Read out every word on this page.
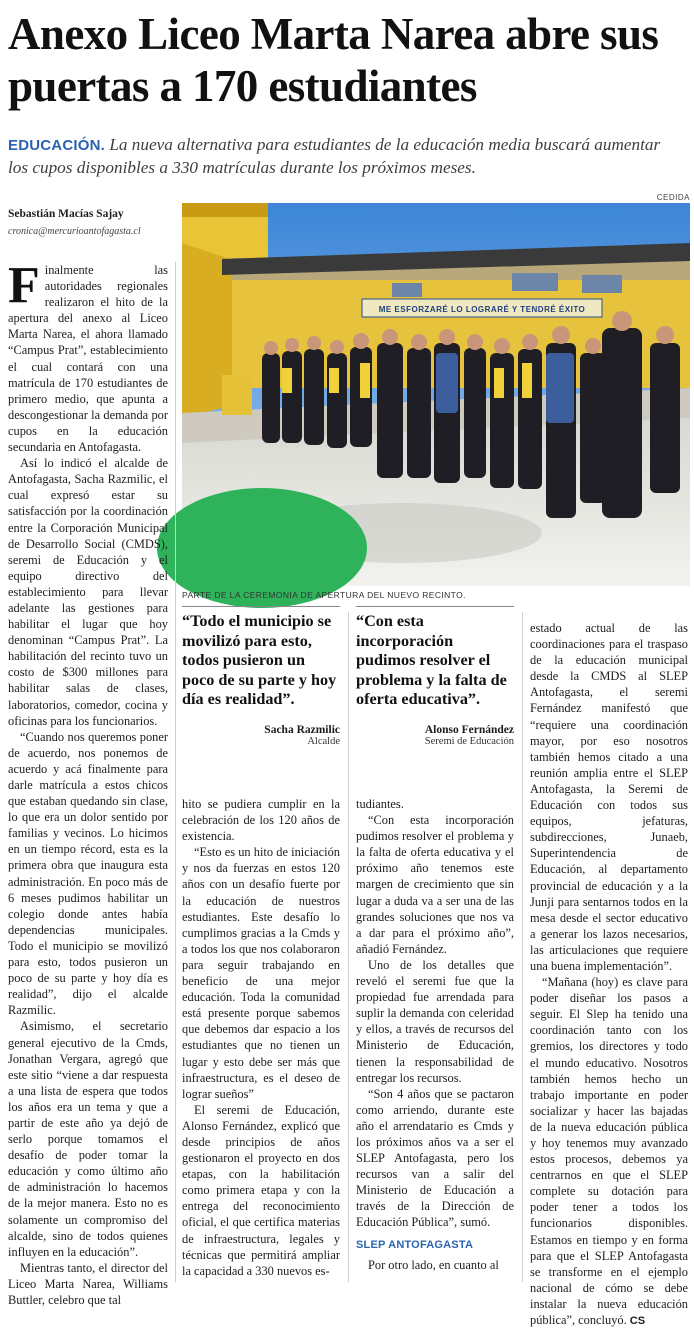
Anexo Liceo Marta Narea abre sus puertas a 170 estudiantes
EDUCACIÓN. La nueva alternativa para estudiantes de la educación media buscará aumentar los cupos disponibles a 330 matrículas durante los próximos meses.
Sebastián Macías Sajay
cronica@mercurioantofagasta.cl
CEDIDA
ME ESFORZARÉ LO LOGRARÉ Y TENDRÉ ÉXITO
PARTE DE LA CEREMONIA DE APERTURA DEL NUEVO RECINTO.

Finalmente las autoridades regionales realizaron el hito de la apertura del anexo al Liceo Marta Narea, el ahora llamado “Campus Prat”, establecimiento el cual contará con una matrícula de 170 estudiantes de primero medio, que apunta a descongestionar la demanda por cupos en la educación secundaria en Antofagasta.

Así lo indicó el alcalde de Antofagasta, Sacha Razmilic, el cual expresó estar su satisfacción por la coordinación entre la Corporación Municipal de Desarrollo Social (CMDS), seremi de Educación y el equipo directivo del establecimiento para llevar adelante las gestiones para habilitar el lugar que hoy denominan “Campus Prat”. La habilitación del recinto tuvo un costo de $300 millones para habilitar salas de clases, laboratorios, comedor, cocina y oficinas para los funcionarios.

“Cuando nos queremos poner de acuerdo, nos ponemos de acuerdo y acá finalmente para darle matrícula a estos chicos que estaban quedando sin clase, lo que era un dolor sentido por familias y vecinos. Lo hicimos en un tiempo récord, esta es la primera obra que inaugura esta administración. En poco más de 6 meses pudimos habilitar un colegio donde antes había dependencias municipales. Todo el municipio se movilizó para esto, todos pusieron un poco de su parte y hoy día es realidad”, dijo el alcalde Razmilic.

Asimismo, el secretario general ejecutivo de la Cmds, Jonathan Vergara, agregó que este sitio “viene a dar respuesta a una lista de espera que todos los años era un tema y que a partir de este año ya dejó de serlo porque tomamos el desafío de poder tomar la educación y como último año de administración lo hacemos de la mejor manera. Esto no es solamente un compromiso del alcalde, sino de todos quienes influyen en la educación”.

Mientras tanto, el director del Liceo Marta Narea, Williams Buttler, celebro que tal

“Todo el municipio se movilizó para esto, todos pusieron un poco de su parte y hoy día es realidad”.
Sacha Razmilic
Alcalde
“Con esta incorporación pudimos resolver el problema y la falta de oferta educativa”.
Alonso Fernández
Seremi de Educación

hito se pudiera cumplir en la celebración de los 120 años de existencia.

“Esto es un hito de iniciación y nos da fuerzas en estos 120 años con un desafío fuerte por la educación de nuestros estudiantes. Este desafío lo cumplimos gracias a la Cmds y a todos los que nos colaboraron para seguir trabajando en beneficio de una mejor educación. Toda la comunidad está presente porque sabemos que debemos dar espacio a los estudiantes que no tienen un lugar y esto debe ser más que infraestructura, es el deseo de lograr sueños”

El seremi de Educación, Alonso Fernández, explicó que desde principios de años gestionaron el proyecto en dos etapas, con la habilitación como primera etapa y con la entrega del reconocimiento oficial, el que certifica materias de infraestructura, legales y técnicas que permitirá ampliar la capacidad a 330 nuevos es-

tudiantes.

“Con esta incorporación pudimos resolver el problema y la falta de oferta educativa y el próximo año tenemos este margen de crecimiento que sin lugar a duda va a ser una de las grandes soluciones que nos va a dar para el próximo año”, añadió Fernández.

Uno de los detalles que reveló el seremi fue que la propiedad fue arrendada para suplir la demanda con celeridad y ellos, a través de recursos del Ministerio de Educación, tienen la responsabilidad de entregar los recursos.

“Son 4 años que se pactaron como arriendo, durante este año el arrendatario es Cmds y los próximos años va a ser el SLEP Antofagasta, pero los recursos van a salir del Ministerio de Educación a través de la Dirección de Educación Pública”, sumó.

SLEP ANTOFAGASTA

Por otro lado, en cuanto al

estado actual de las coordinaciones para el traspaso de la educación municipal desde la CMDS al SLEP Antofagasta, el seremi Fernández manifestó que “requiere una coordinación mayor, por eso nosotros también hemos citado a una reunión amplia entre el SLEP Antofagasta, la Seremi de Educación con todos sus equipos, jefaturas, subdirecciones, Junaeb, Superintendencia de Educación, al departamento provincial de educación y a la Junji para sentarnos todos en la mesa desde el sector educativo a generar los lazos necesarios, las articulaciones que requiere una buena implementación”.

“Mañana (hoy) es clave para poder diseñar los pasos a seguir. El Slep ha tenido una coordinación tanto con los gremios, los directores y todo el mundo educativo. Nosotros también hemos hecho un trabajo importante en poder socializar y hacer las bajadas de la nueva educación pública y hoy tenemos muy avanzado estos procesos, debemos ya centrarnos en que el SLEP complete su dotación para poder tener a todos los funcionarios disponibles. Estamos en tiempo y en forma para que el SLEP Antofagasta se transforme en el ejemplo nacional de cómo se debe instalar la nueva educación pública”, concluyó. CS
